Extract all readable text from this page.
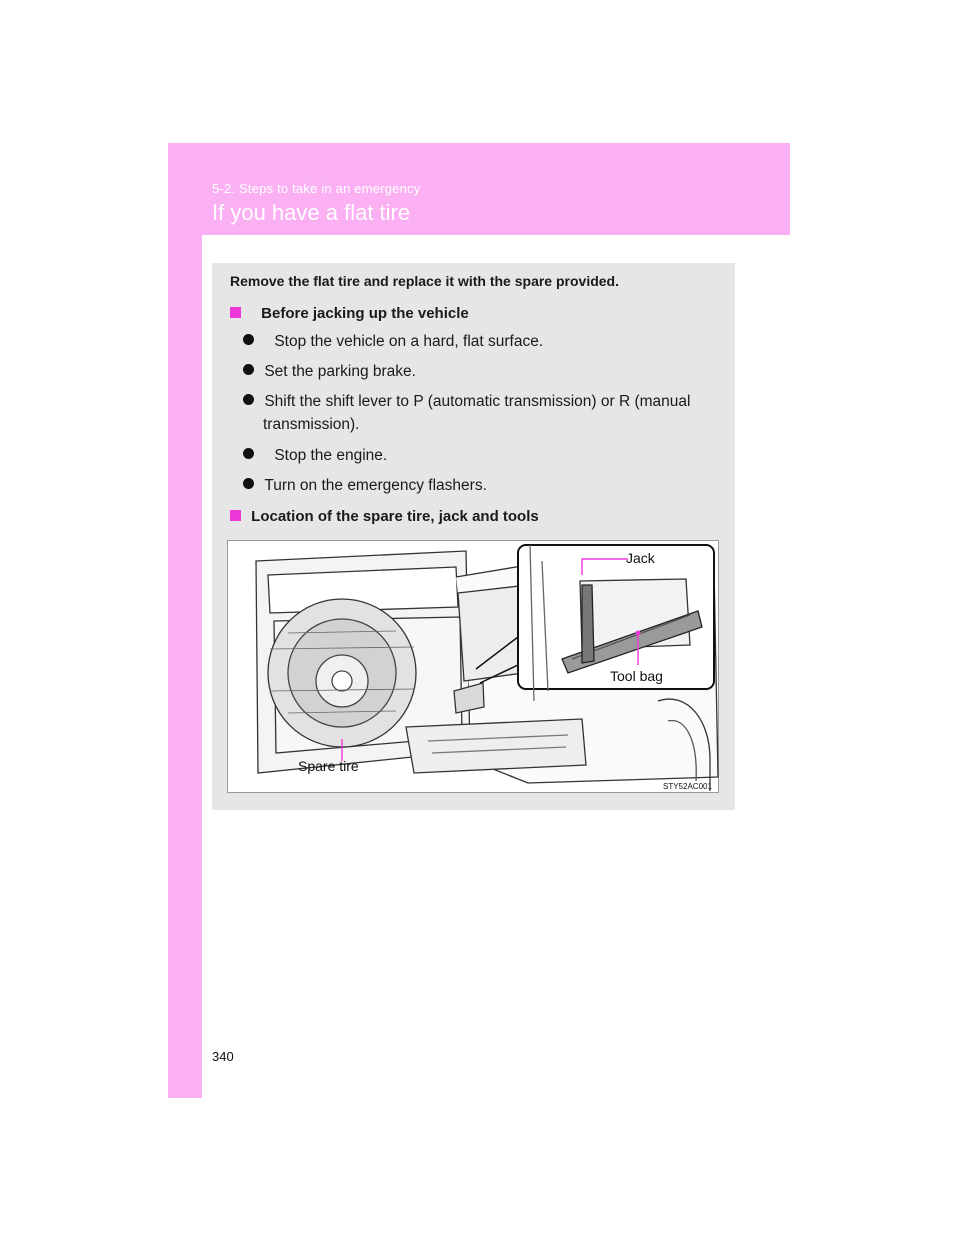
5-2. Steps to take in an emergency
If you have a flat tire
Remove the flat tire and replace it with the spare provided.
Before jacking up the vehicle
Stop the vehicle on a hard, flat surface.
Set the parking brake.
Shift the shift lever to P (automatic transmission) or R (manual
transmission).
Stop the engine.
Turn on the emergency flashers.
Location of the spare tire, jack and tools
Jack
Tool bag
Spare tire
STY52AC001
340
